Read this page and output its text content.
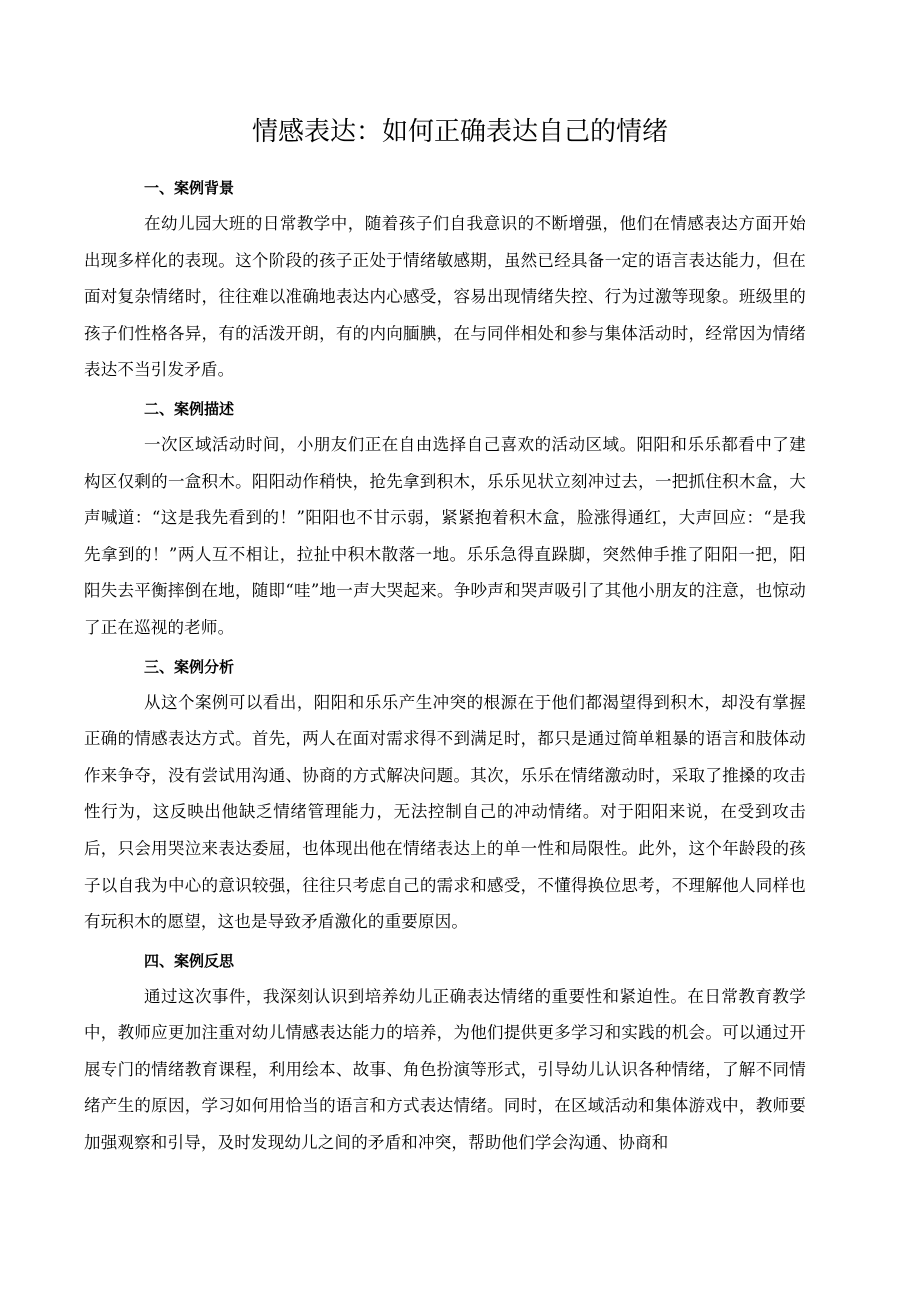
情感表达：如何正确表达自己的情绪

一、案例背景

在幼儿园大班的日常教学中，随着孩子们自我意识的不断增强，他们在情感表达方面开始出现多样化的表现。这个阶段的孩子正处于情绪敏感期，虽然已经具备一定的语言表达能力，但在面对复杂情绪时，往往难以准确地表达内心感受，容易出现情绪失控、行为过激等现象。班级里的孩子们性格各异，有的活泼开朗，有的内向腼腆，在与同伴相处和参与集体活动时，经常因为情绪表达不当引发矛盾。

二、案例描述

一次区域活动时间，小朋友们正在自由选择自己喜欢的活动区域。阳阳和乐乐都看中了建构区仅剩的一盒积木。阳阳动作稍快，抢先拿到积木，乐乐见状立刻冲过去，一把抓住积木盒，大声喊道：“这是我先看到的！”阳阳也不甘示弱，紧紧抱着积木盒，脸涨得通红，大声回应：“是我先拿到的！”两人互不相让，拉扯中积木散落一地。乐乐急得直跺脚，突然伸手推了阳阳一把，阳阳失去平衡摔倒在地，随即“哇”地一声大哭起来。争吵声和哭声吸引了其他小朋友的注意，也惊动了正在巡视的老师。

三、案例分析

从这个案例可以看出，阳阳和乐乐产生冲突的根源在于他们都渴望得到积木，却没有掌握正确的情感表达方式。首先，两人在面对需求得不到满足时，都只是通过简单粗暴的语言和肢体动作来争夺，没有尝试用沟通、协商的方式解决问题。其次，乐乐在情绪激动时，采取了推搡的攻击性行为，这反映出他缺乏情绪管理能力，无法控制自己的冲动情绪。对于阳阳来说，在受到攻击后，只会用哭泣来表达委屈，也体现出他在情绪表达上的单一性和局限性。此外，这个年龄段的孩子以自我为中心的意识较强，往往只考虑自己的需求和感受，不懂得换位思考，不理解他人同样也有玩积木的愿望，这也是导致矛盾激化的重要原因。

四、案例反思

通过这次事件，我深刻认识到培养幼儿正确表达情绪的重要性和紧迫性。在日常教育教学中，教师应更加注重对幼儿情感表达能力的培养，为他们提供更多学习和实践的机会。可以通过开展专门的情绪教育课程，利用绘本、故事、角色扮演等形式，引导幼儿认识各种情绪，了解不同情绪产生的原因，学习如何用恰当的语言和方式表达情绪。同时，在区域活动和集体游戏中，教师要加强观察和引导，及时发现幼儿之间的矛盾和冲突，帮助他们学会沟通、协商和
